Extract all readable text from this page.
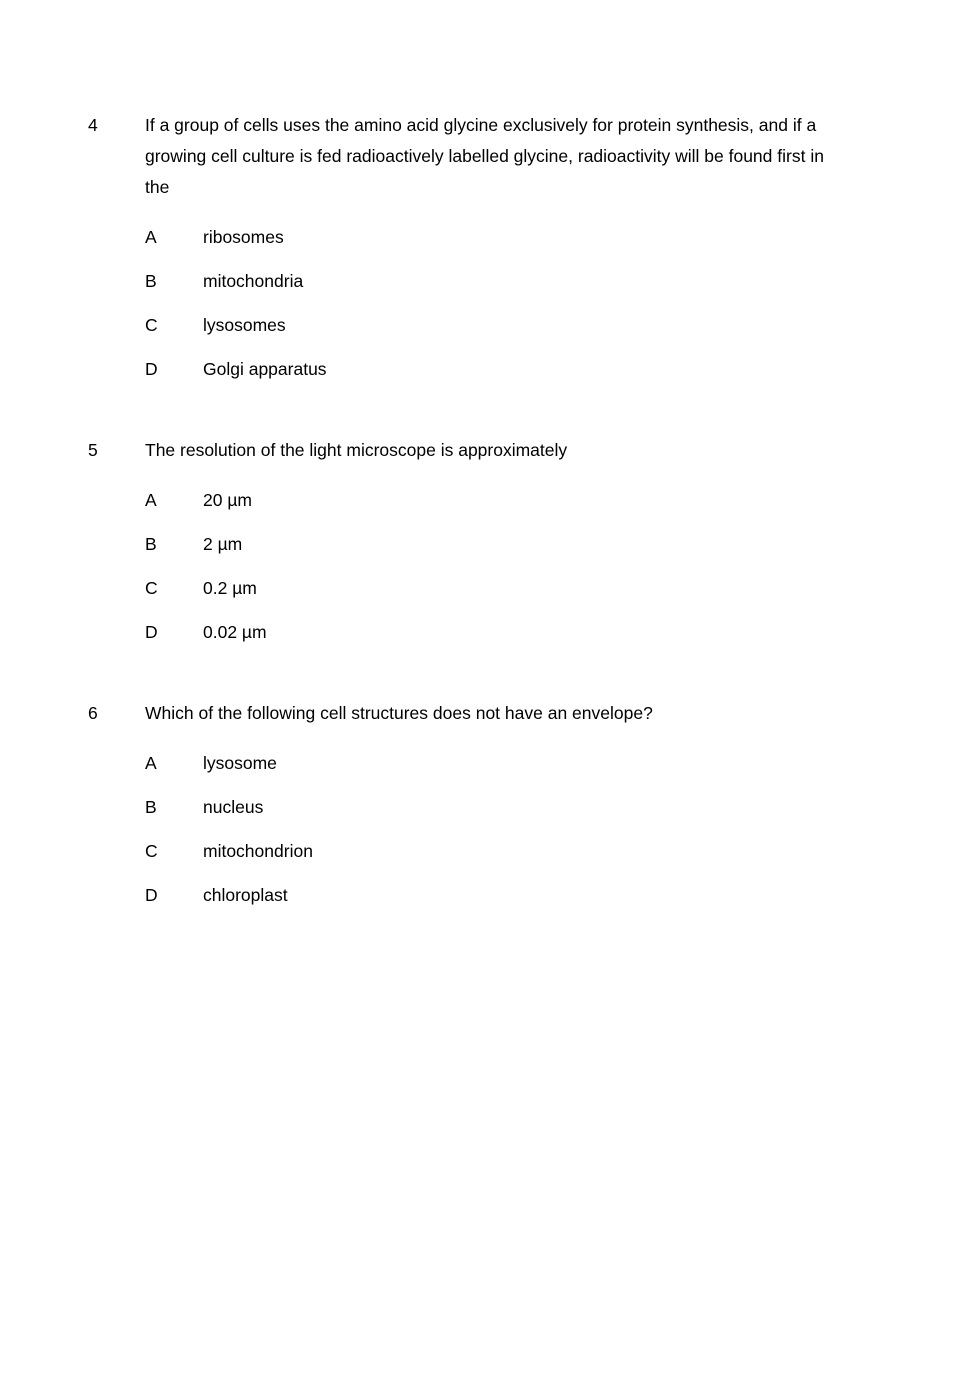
4	If a group of cells uses the amino acid glycine exclusively for protein synthesis, and if a growing cell culture is fed radioactively labelled glycine, radioactivity will be found first in the
A	ribosomes
B	mitochondria
C	lysosomes
D	Golgi apparatus
5	The resolution of the light microscope is approximately
A	20 µm
B	2 µm
C	0.2 µm
D	0.02 µm
6	Which of the following cell structures does not have an envelope?
A	lysosome
B	nucleus
C	mitochondrion
D	chloroplast
